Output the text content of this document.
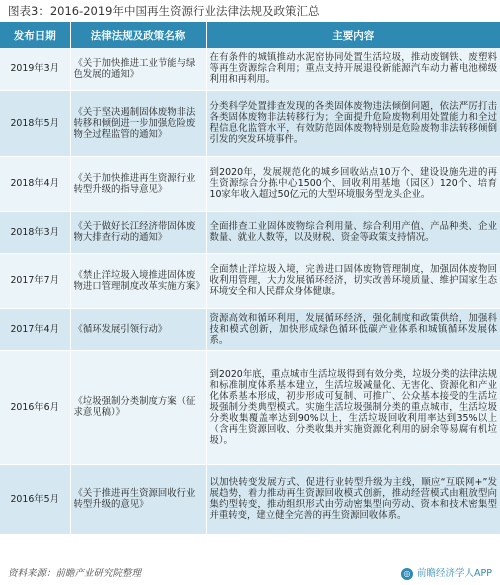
图表3：2016-2019年中国再生资源行业法律法规及政策汇总
发布日期	法律法规及政策名称	主要内容
2019年3月	《关于加快推进工业节能与绿色发展的通知》	在有条件的城镇推动水泥窑协同处置生活垃圾，推动废钢铁、废塑料等再生资源综合利用；重点支持开展退役新能源汽车动力蓄电池梯级利用和再利用。
2018年5月	《关于坚决遏制固体废物非法转移和倾倒进一步加强危险废物全过程监管的通知》	分类科学处置排查发现的各类固体废物违法倾倒问题，依法严厉打击各类固体废物非法转移行为；全面提升危险废物利用处置能力和全过程信息化监管水平，有效防范固体废物特别是危险废物非法转移倾倒引发的突发环境事件。
2018年4月	《关于加快推进再生资源行业转型升级的指导意见》	到2020年，发展规范化的城乡回收站点10万个、建设设施先进的再生资源综合分拣中心1500个、回收利用基地（园区）120个、培育10家年收入超过50亿元的大型环境服务型龙头企业。
2018年3月	《关于做好长江经济带固体废物大排查行动的通知》	全面排查工业固体废物综合利用量、综合利用产值、产品种类、企业数量、就业人数等，以及财税、资金等政策支持情况。
2017年7月	《禁止洋垃圾入境推进固体废物进口管理制度改革实施方案》	全面禁止洋垃圾入境，完善进口固体废物管理制度，加强固体废物回收利用管理，大力发展循环经济，切实改善环境质量、维护国家生态环境安全和人民群众身体健康。
2017年4月	《循环发展引领行动》	资源高效和循环利用，发展循环经济，强化制度和政策供给，加强科技和模式创新，加快形成绿色循环低碳产业体系和城镇循环发展体系。
2016年6月	《垃圾强制分类制度方案（征求意见稿）》	到2020年底，重点城市生活垃圾得到有效分类，垃圾分类的法律法规和标准制度体系基本建立，生活垃圾减量化、无害化、资源化和产业化体系基本形成，初步形成可复制、可推广、公众基本接受的生活垃圾强制分类典型模式。实施生活垃圾强制分类的重点城市，生活垃圾分类收集覆盖率达到90%以上，生活垃圾回收利用率达到35%以上（含再生资源回收、分类收集并实施资源化利用的厨余等易腐有机垃圾）。
2016年5月	《关于推进再生资源回收行业转型升级的意见》	以加快转变发展方式、促进行业转型升级为主线，顺应“互联网+”发展趋势，着力推动再生资源回收模式创新，推动经营模式由粗放型向集约型转变，推动组织形式由劳动密集型向劳动、资本和技术密集型并重转变，建立健全完善的再生资源回收体系。
资料来源：前瞻产业研究院整理	◎ 前瞻经济学人APP
